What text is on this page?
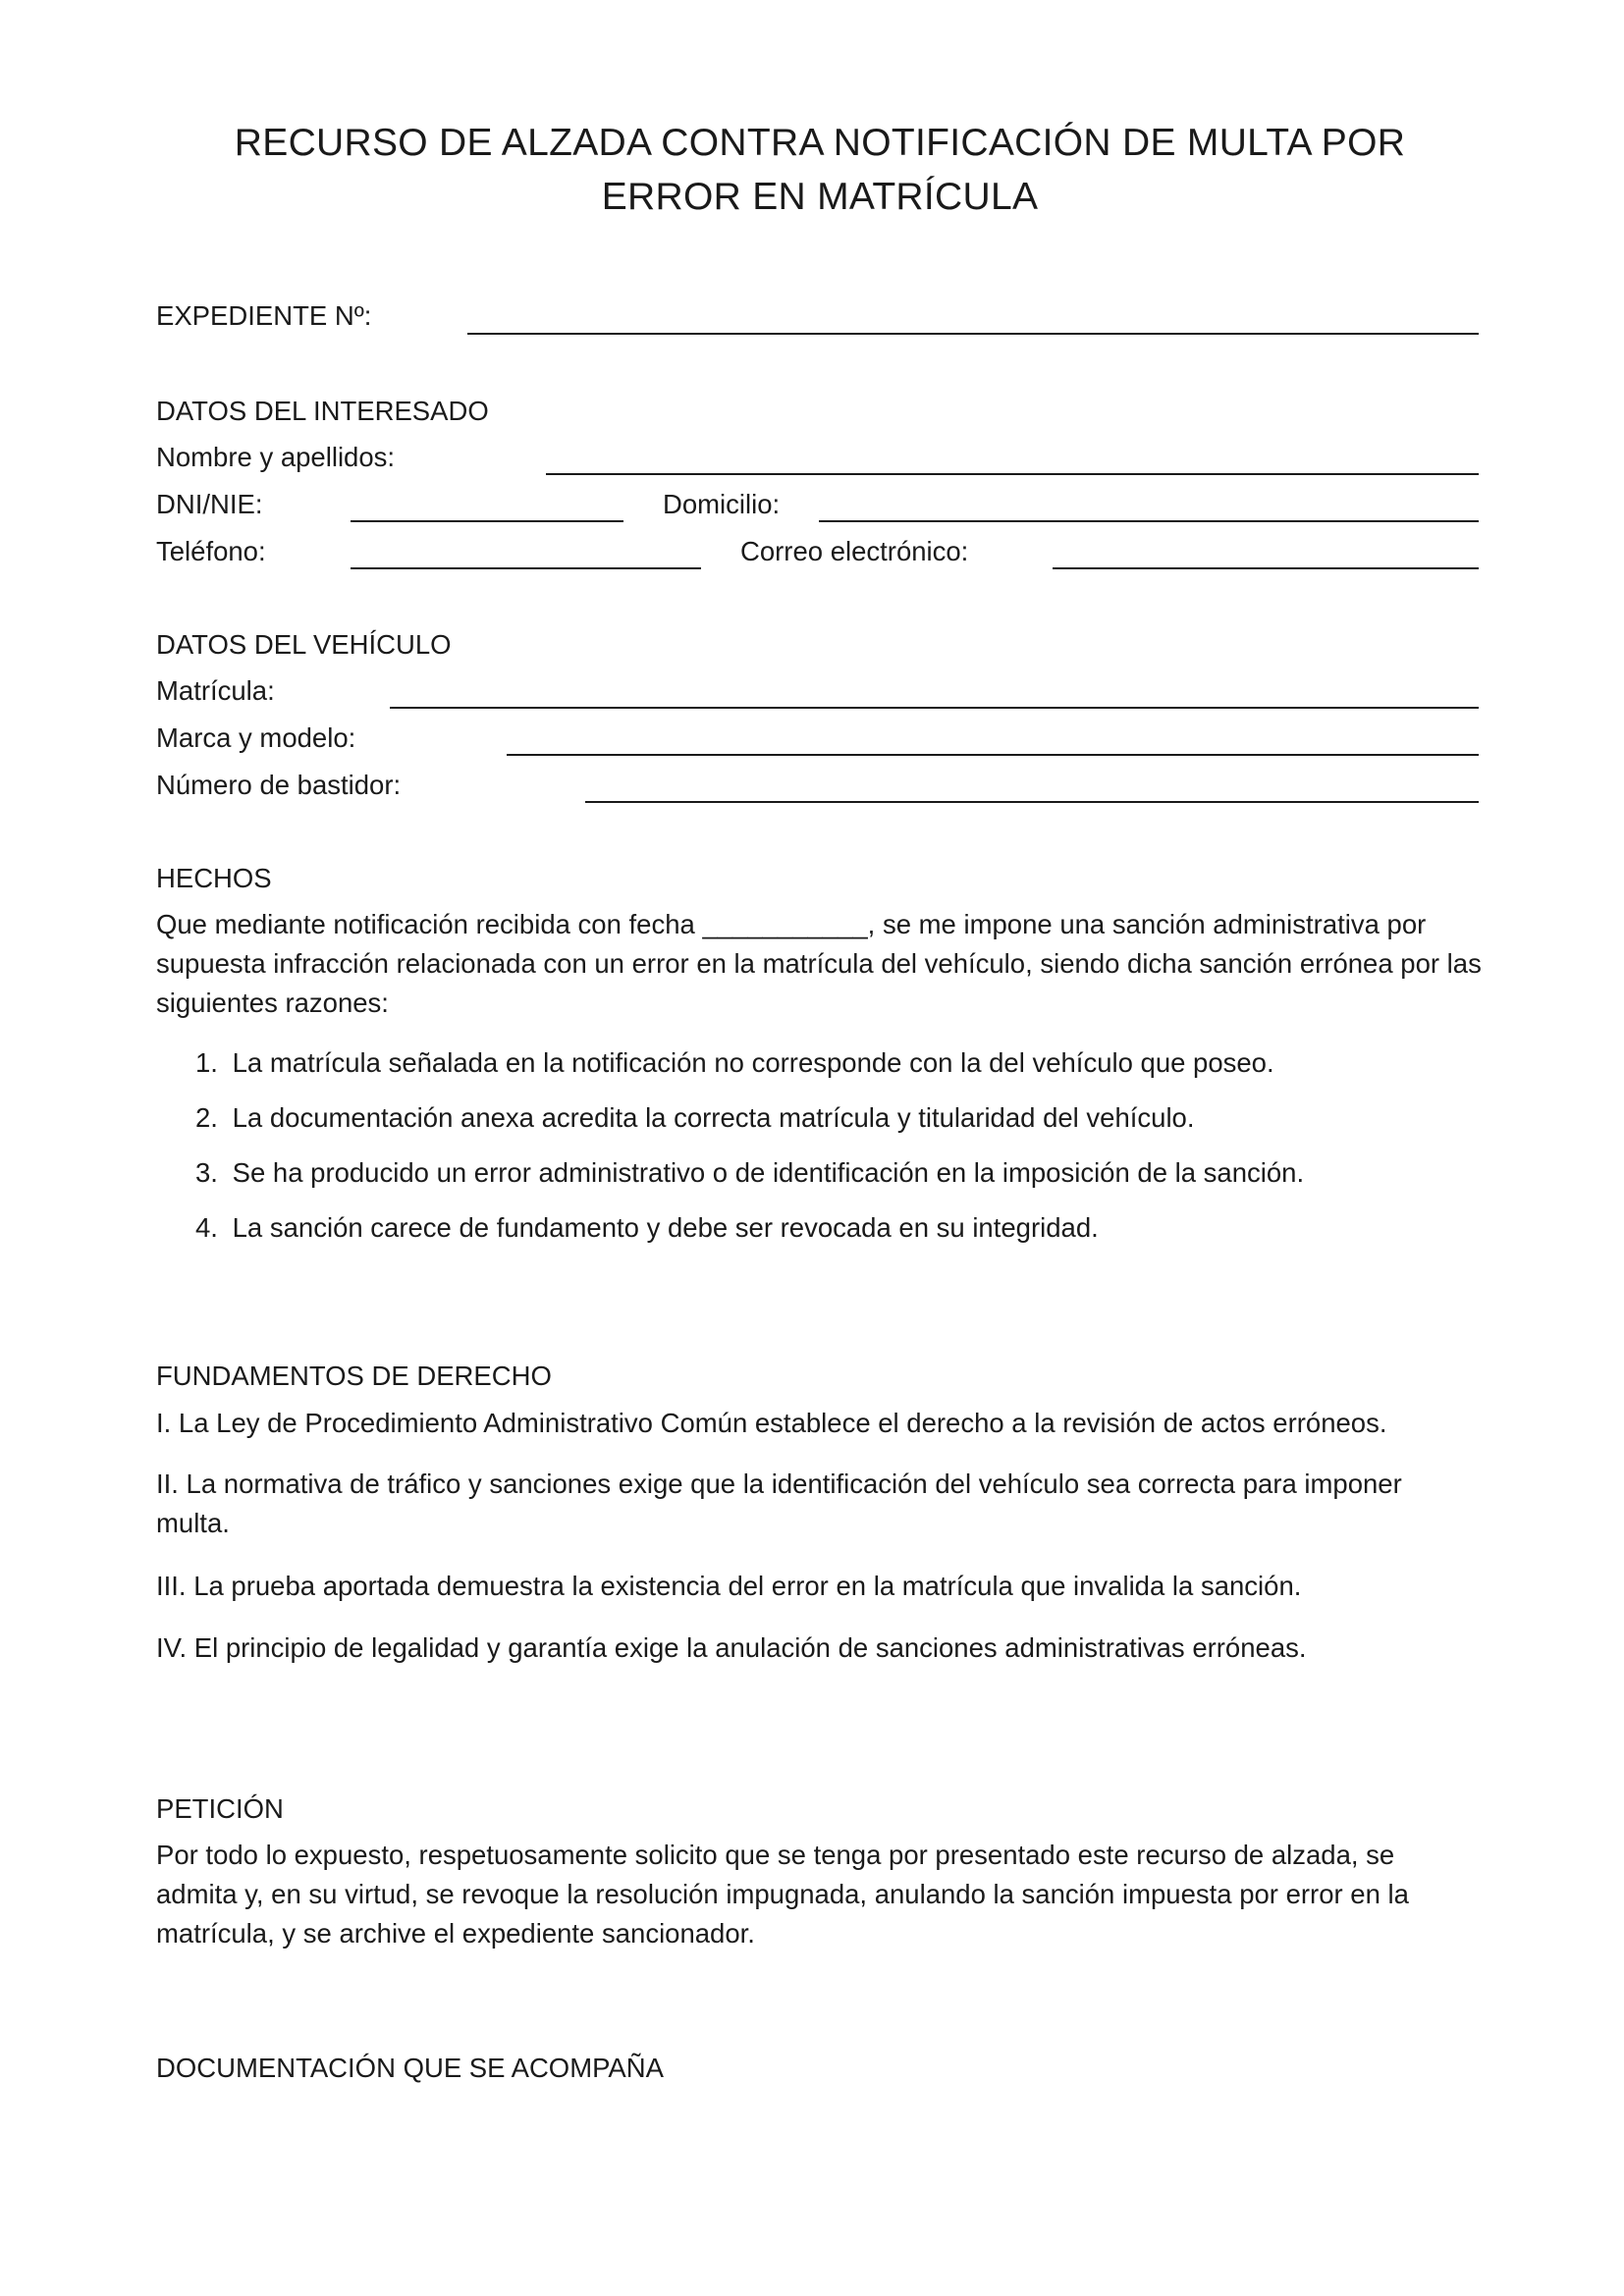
RECURSO DE ALZADA CONTRA NOTIFICACIÓN DE MULTA POR
ERROR EN MATRÍCULA

EXPEDIENTE Nº:

DATOS DEL INTERESADO

Nombre y apellidos:

DNI/NIE:	Domicilio:

Teléfono:	Correo electrónico:

DATOS DEL VEHÍCULO

Matrícula:

Marca y modelo:

Número de bastidor:

HECHOS

Que mediante notificación recibida con fecha ___________, se me impone una sanción administrativa por supuesta infracción relacionada con un error en la matrícula del vehículo, siendo dicha sanción errónea por las siguientes razones:

1. La matrícula señalada en la notificación no corresponde con la del vehículo que poseo.
2. La documentación anexa acredita la correcta matrícula y titularidad del vehículo.
3. Se ha producido un error administrativo o de identificación en la imposición de la sanción.
4. La sanción carece de fundamento y debe ser revocada en su integridad.

FUNDAMENTOS DE DERECHO

I. La Ley de Procedimiento Administrativo Común establece el derecho a la revisión de actos erróneos.

II. La normativa de tráfico y sanciones exige que la identificación del vehículo sea correcta para imponer multa.

III. La prueba aportada demuestra la existencia del error en la matrícula que invalida la sanción.

IV. El principio de legalidad y garantía exige la anulación de sanciones administrativas erróneas.

PETICIÓN

Por todo lo expuesto, respetuosamente solicito que se tenga por presentado este recurso de alzada, se admita y, en su virtud, se revoque la resolución impugnada, anulando la sanción impuesta por error en la matrícula, y se archive el expediente sancionador.

DOCUMENTACIÓN QUE SE ACOMPAÑA
